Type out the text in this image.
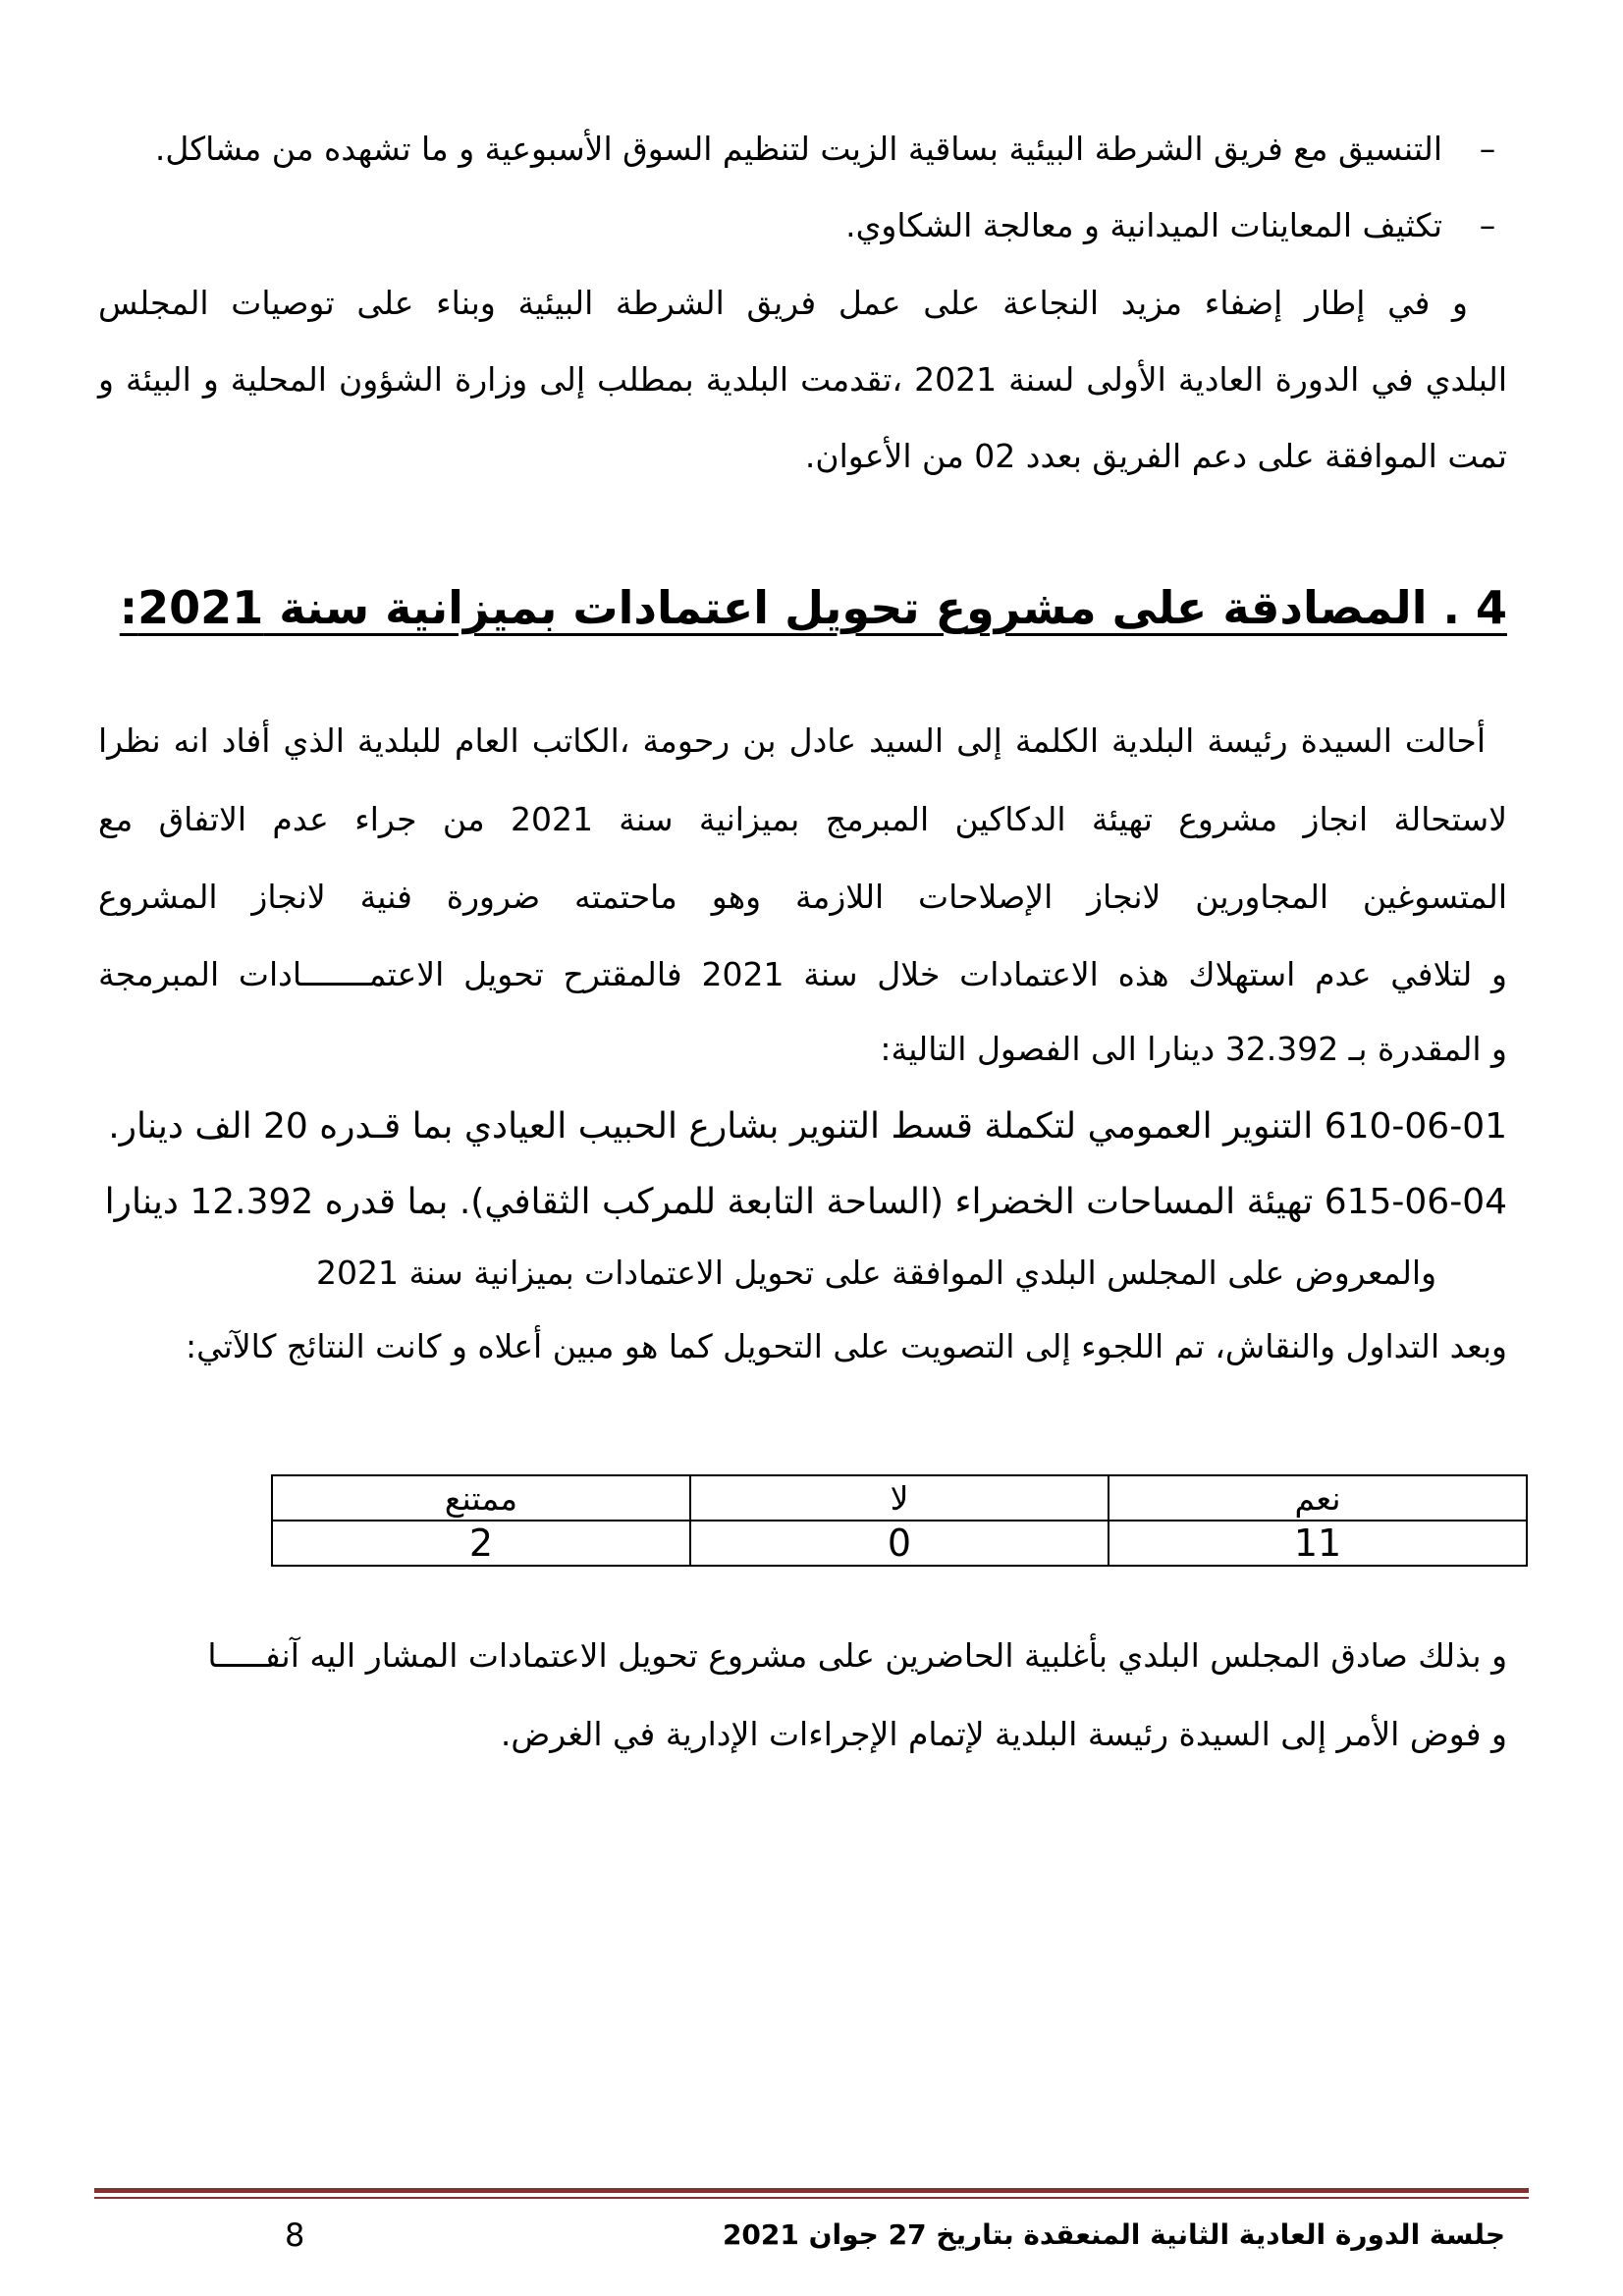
–التنسيق مع فريق الشرطة البيئية بساقية الزيت لتنظيم السوق الأسبوعية و ما تشهده من مشاكل.
–تكثيف المعاينات الميدانية و معالجة الشكاوي.
و في إطار إضفاء مزيد النجاعة على عمل فريق الشرطة البيئية وبناء على توصيات المجلس
البلدي في الدورة العادية الأولى لسنة 2021 ،تقدمت البلدية بمطلب إلى وزارة الشؤون المحلية و البيئة و
تمت الموافقة على دعم الفريق بعدد 02 من الأعوان.
4 . المصادقة على مشروع تحويل اعتمادات بميزانية سنة 2021:
أحالت السيدة رئيسة البلدية الكلمة إلى السيد عادل بن رحومة ،الكاتب العام للبلدية الذي أفاد انه نظرا
لاستحالة انجاز مشروع تهيئة الدكاكين المبرمج بميزانية سنة 2021 من جراء عدم الاتفاق مع
المتسوغين المجاورين لانجاز الإصلاحات اللازمة وهو ماحتمته ضرورة فنية لانجاز المشروع
و لتلافي عدم استهلاك هذه الاعتمادات خلال سنة 2021 فالمقترح تحويل الاعتمـــــــادات المبرمجة
و المقدرة بـ 32.392 دينارا الى الفصول التالية:
610-06-01 التنوير العمومي لتكملة قسط التنوير بشارع الحبيب العيادي بما قـدره 20 الف دينار.
615-06-04 تهيئة المساحات الخضراء (الساحة التابعة للمركب الثقافي). بما قدره 12.392 دينارا
والمعروض على المجلس البلدي الموافقة على تحويل الاعتمادات بميزانية سنة 2021
وبعد التداول والنقاش، تم اللجوء إلى التصويت على التحويل كما هو مبين أعلاه و كانت النتائج كالآتي:
نعم	لا	ممتنع
11	0	2
و بذلك صادق المجلس البلدي بأغلبية الحاضرين على مشروع تحويل الاعتمادات المشار اليه آنفـــــا
و فوض الأمر إلى السيدة رئيسة البلدية لإتمام الإجراءات الإدارية في الغرض.
جلسة الدورة العادية الثانية المنعقدة بتاريخ 27 جوان 2021
8
